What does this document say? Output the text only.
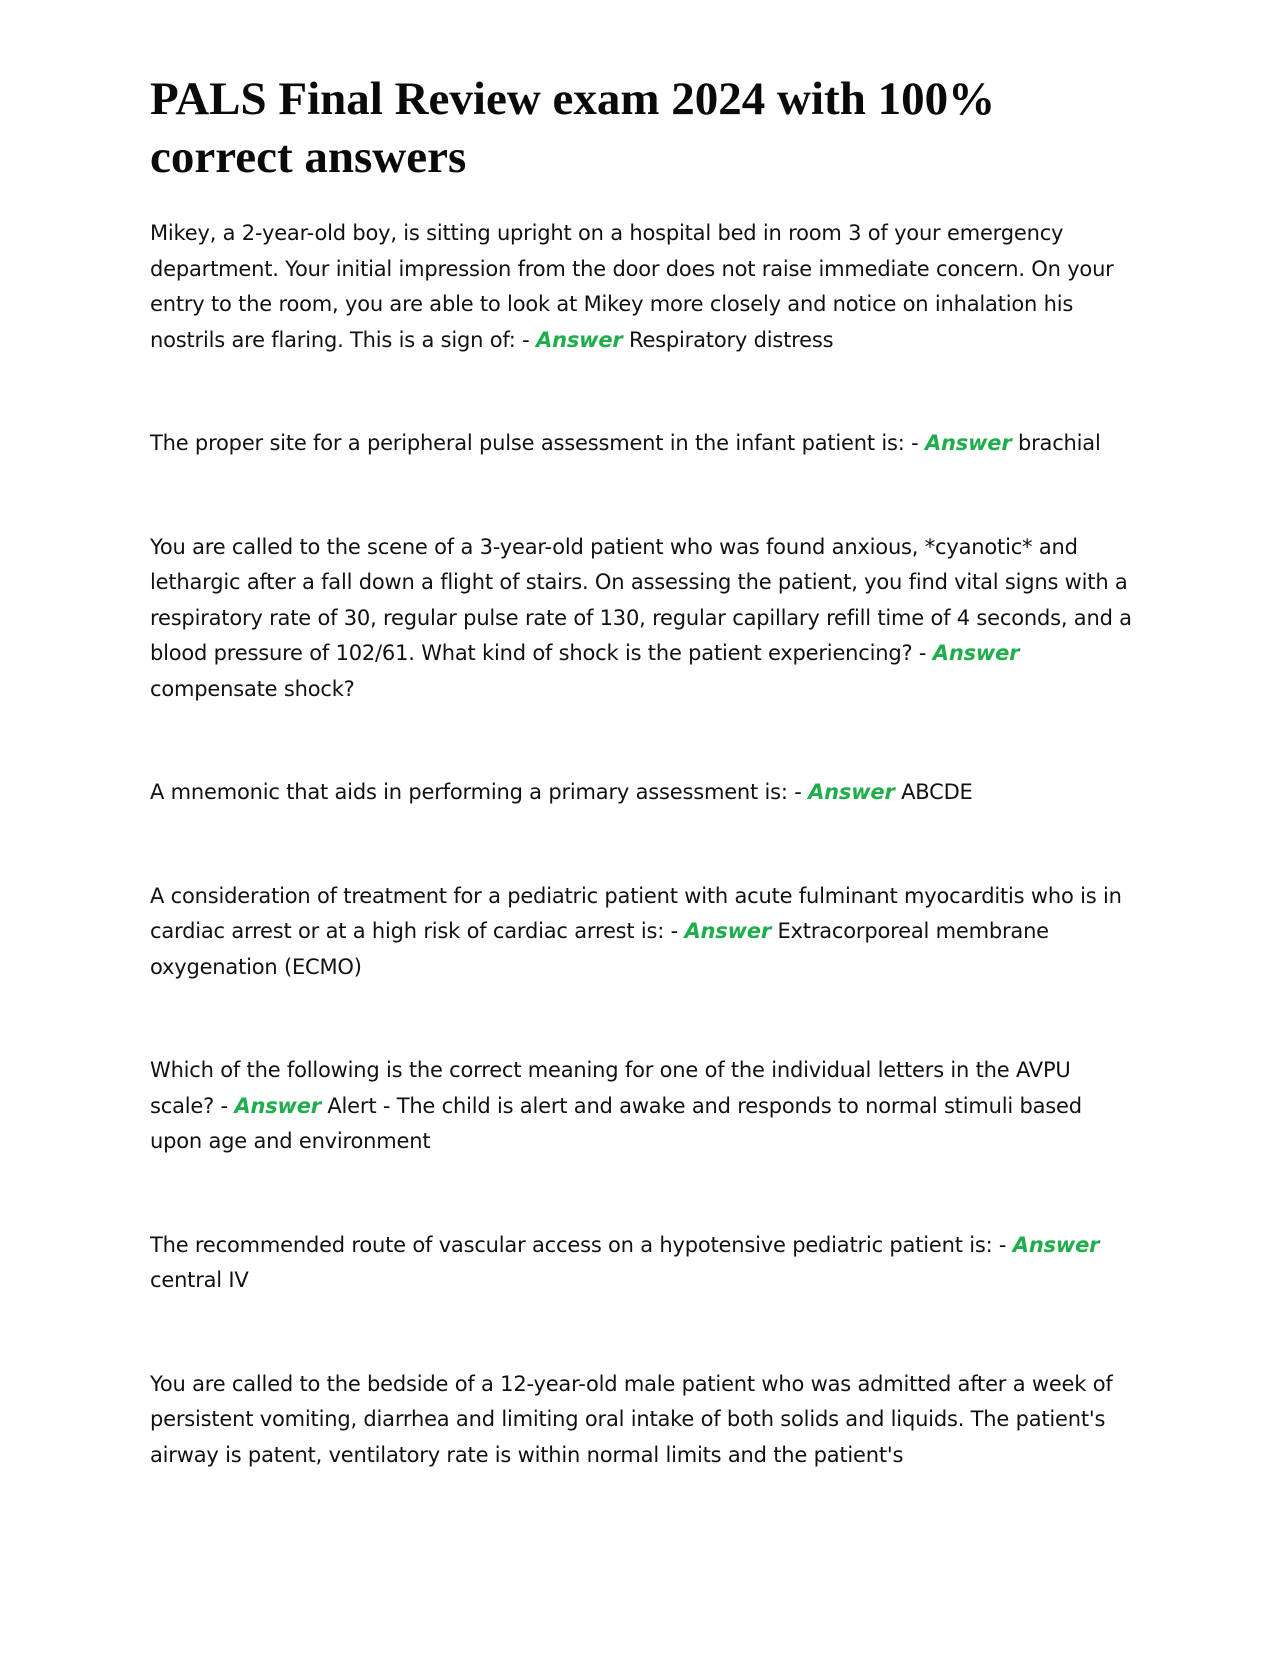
PALS Final Review exam 2024 with 100% correct answers

Mikey, a 2-year-old boy, is sitting upright on a hospital bed in room 3 of your emergency department. Your initial impression from the door does not raise immediate concern. On your entry to the room, you are able to look at Mikey more closely and notice on inhalation his nostrils are flaring. This is a sign of: - Answer Respiratory distress

The proper site for a peripheral pulse assessment in the infant patient is: - Answer brachial

You are called to the scene of a 3-year-old patient who was found anxious, *cyanotic* and lethargic after a fall down a flight of stairs. On assessing the patient, you find vital signs with a respiratory rate of 30, regular pulse rate of 130, regular capillary refill time of 4 seconds, and a blood pressure of 102/61. What kind of shock is the patient experiencing? - Answer compensate shock?

A mnemonic that aids in performing a primary assessment is: - Answer ABCDE

A consideration of treatment for a pediatric patient with acute fulminant myocarditis who is in cardiac arrest or at a high risk of cardiac arrest is: - Answer Extracorporeal membrane oxygenation (ECMO)

Which of the following is the correct meaning for one of the individual letters in the AVPU scale? - Answer Alert - The child is alert and awake and responds to normal stimuli based upon age and environment

The recommended route of vascular access on a hypotensive pediatric patient is: - Answer central IV

You are called to the bedside of a 12-year-old male patient who was admitted after a week of persistent vomiting, diarrhea and limiting oral intake of both solids and liquids. The patient's airway is patent, ventilatory rate is within normal limits and the patient's
